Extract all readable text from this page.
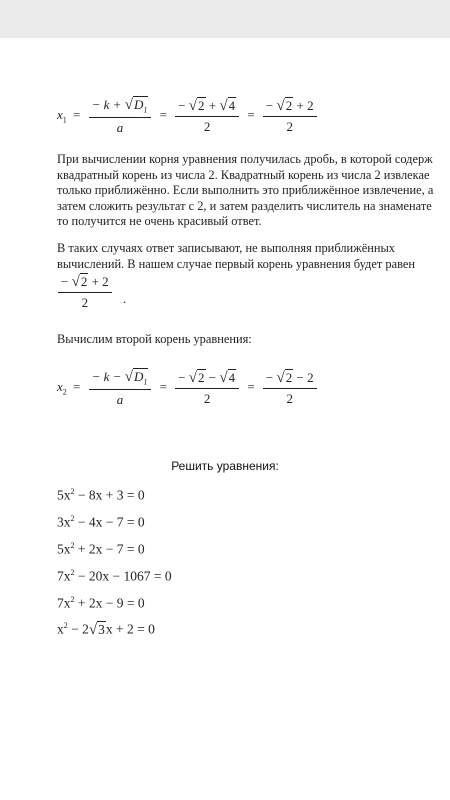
$x_1 = \frac{- k + √D_1}{a} = \frac{- √2 + √4}{2} = \frac{- √2 + 2}{2}$
При вычислении корня уравнения получилась дробь, в которой содерж
квадратный корень из числа 2. Квадратный корень из числа 2 извлекае
только приближённо. Если выполнить это приближённое извлечение, а
затем сложить результат с 2, и затем разделить числитель на знаменате
то получится не очень красивый ответ.
В таких случаях ответ записывают, не выполняя приближённых
вычислений. В нашем случае первый корень уравнения будет равен
$\frac{- √2 + 2}{2}$ .
Вычислим второй корень уравнения:
$x_2 = \frac{- k - √D_1}{a} = \frac{- √2 - √4}{2} = \frac{- √2 - 2}{2}$
Решить уравнения:
$5x^2 - 8x + 3 = 0$
$3x^2 - 4x - 7 = 0$
$5x^2 + 2x - 7 = 0$
$7x^2 - 20x - 1067 = 0$
$7x^2 + 2x - 9 = 0$
$x^2 - 2√3x + 2 = 0$
